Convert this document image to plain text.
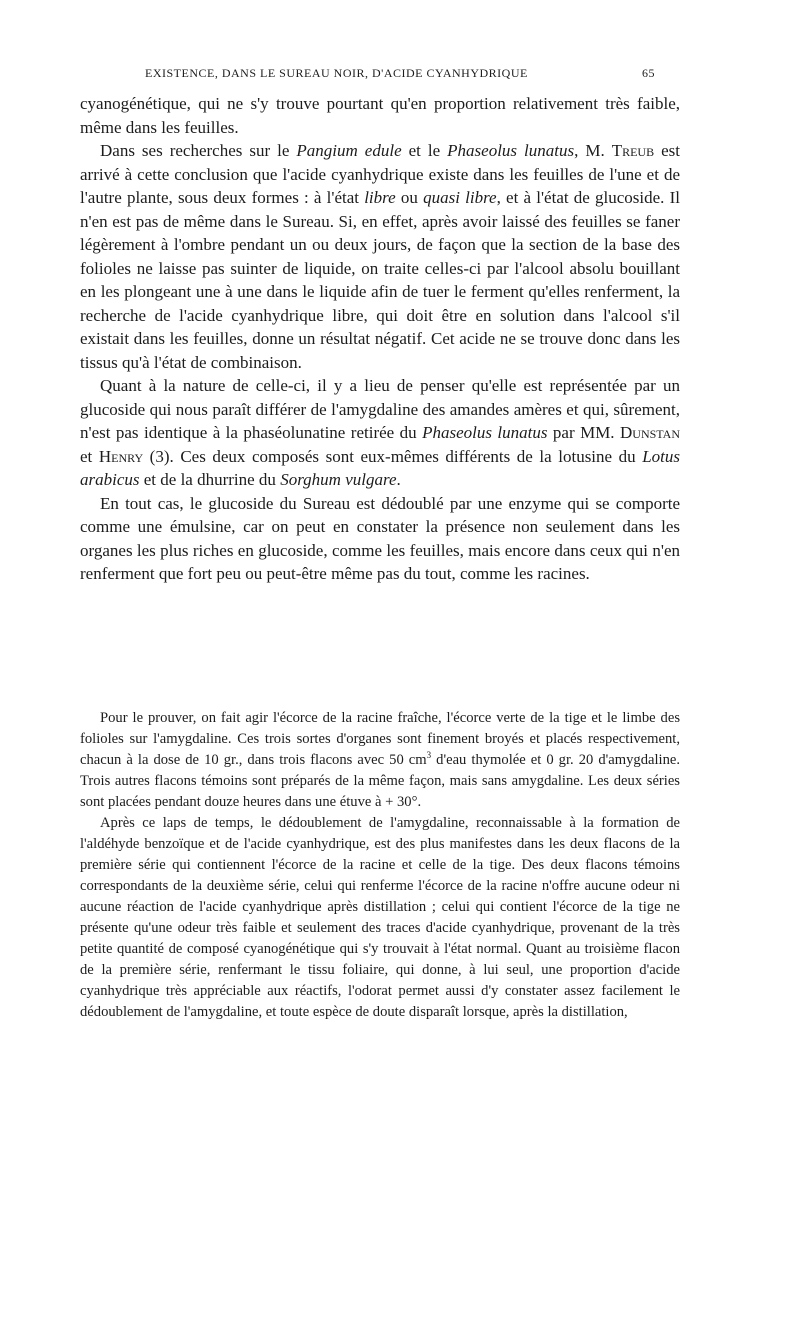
EXISTENCE, DANS LE SUREAU NOIR, D'ACIDE CYANHYDRIQUE	65

cyanogénétique, qui ne s'y trouve pourtant qu'en proportion relativement très faible, même dans les feuilles.

Dans ses recherches sur le Pangium edule et le Phaseolus lunatus, M. Treub est arrivé à cette conclusion que l'acide cyanhydrique existe dans les feuilles de l'une et de l'autre plante, sous deux formes : à l'état libre ou quasi libre, et à l'état de glucoside. Il n'en est pas de même dans le Sureau. Si, en effet, après avoir laissé des feuilles se faner légèrement à l'ombre pendant un ou deux jours, de façon que la section de la base des folioles ne laisse pas suinter de liquide, on traite celles-ci par l'alcool absolu bouillant en les plongeant une à une dans le liquide afin de tuer le ferment qu'elles renferment, la recherche de l'acide cyanhydrique libre, qui doit être en solution dans l'alcool s'il existait dans les feuilles, donne un résultat négatif. Cet acide ne se trouve donc dans les tissus qu'à l'état de combinaison.

Quant à la nature de celle-ci, il y a lieu de penser qu'elle est représentée par un glucoside qui nous paraît différer de l'amygdaline des amandes amères et qui, sûrement, n'est pas identique à la phaséolunatine retirée du Phaseolus lunatus par MM. Dunstan et Henry (3). Ces deux composés sont eux-mêmes différents de la lotusine du Lotus arabicus et de la dhurrine du Sorghum vulgare.

En tout cas, le glucoside du Sureau est dédoublé par une enzyme qui se comporte comme une émulsine, car on peut en constater la présence non seulement dans les organes les plus riches en glucoside, comme les feuilles, mais encore dans ceux qui n'en renferment que fort peu ou peut-être même pas du tout, comme les racines.

Pour le prouver, on fait agir l'écorce de la racine fraîche, l'écorce verte de la tige et le limbe des folioles sur l'amygdaline. Ces trois sortes d'organes sont finement broyés et placés respectivement, chacun à la dose de 10 gr., dans trois flacons avec 50 $cm^3$ d'eau thymolée et 0 gr. 20 d'amygdaline. Trois autres flacons témoins sont préparés de la même façon, mais sans amygdaline. Les deux séries sont placées pendant douze heures dans une étuve à + 30°.

Après ce laps de temps, le dédoublement de l'amygdaline, reconnaissable à la formation de l'aldéhyde benzoïque et de l'acide cyanhydrique, est des plus manifestes dans les deux flacons de la première série qui contiennent l'écorce de la racine et celle de la tige. Des deux flacons témoins correspondants de la deuxième série, celui qui renferme l'écorce de la racine n'offre aucune odeur ni aucune réaction de l'acide cyanhydrique après distillation ; celui qui contient l'écorce de la tige ne présente qu'une odeur très faible et seulement des traces d'acide cyanhydrique, provenant de la très petite quantité de composé cyanogénétique qui s'y trouvait à l'état normal. Quant au troisième flacon de la première série, renfermant le tissu foliaire, qui donne, à lui seul, une proportion d'acide cyanhydrique très appréciable aux réactifs, l'odorat permet aussi d'y constater assez facilement le dédoublement de l'amygdaline, et toute espèce de doute disparaît lorsque, après la distillation,
